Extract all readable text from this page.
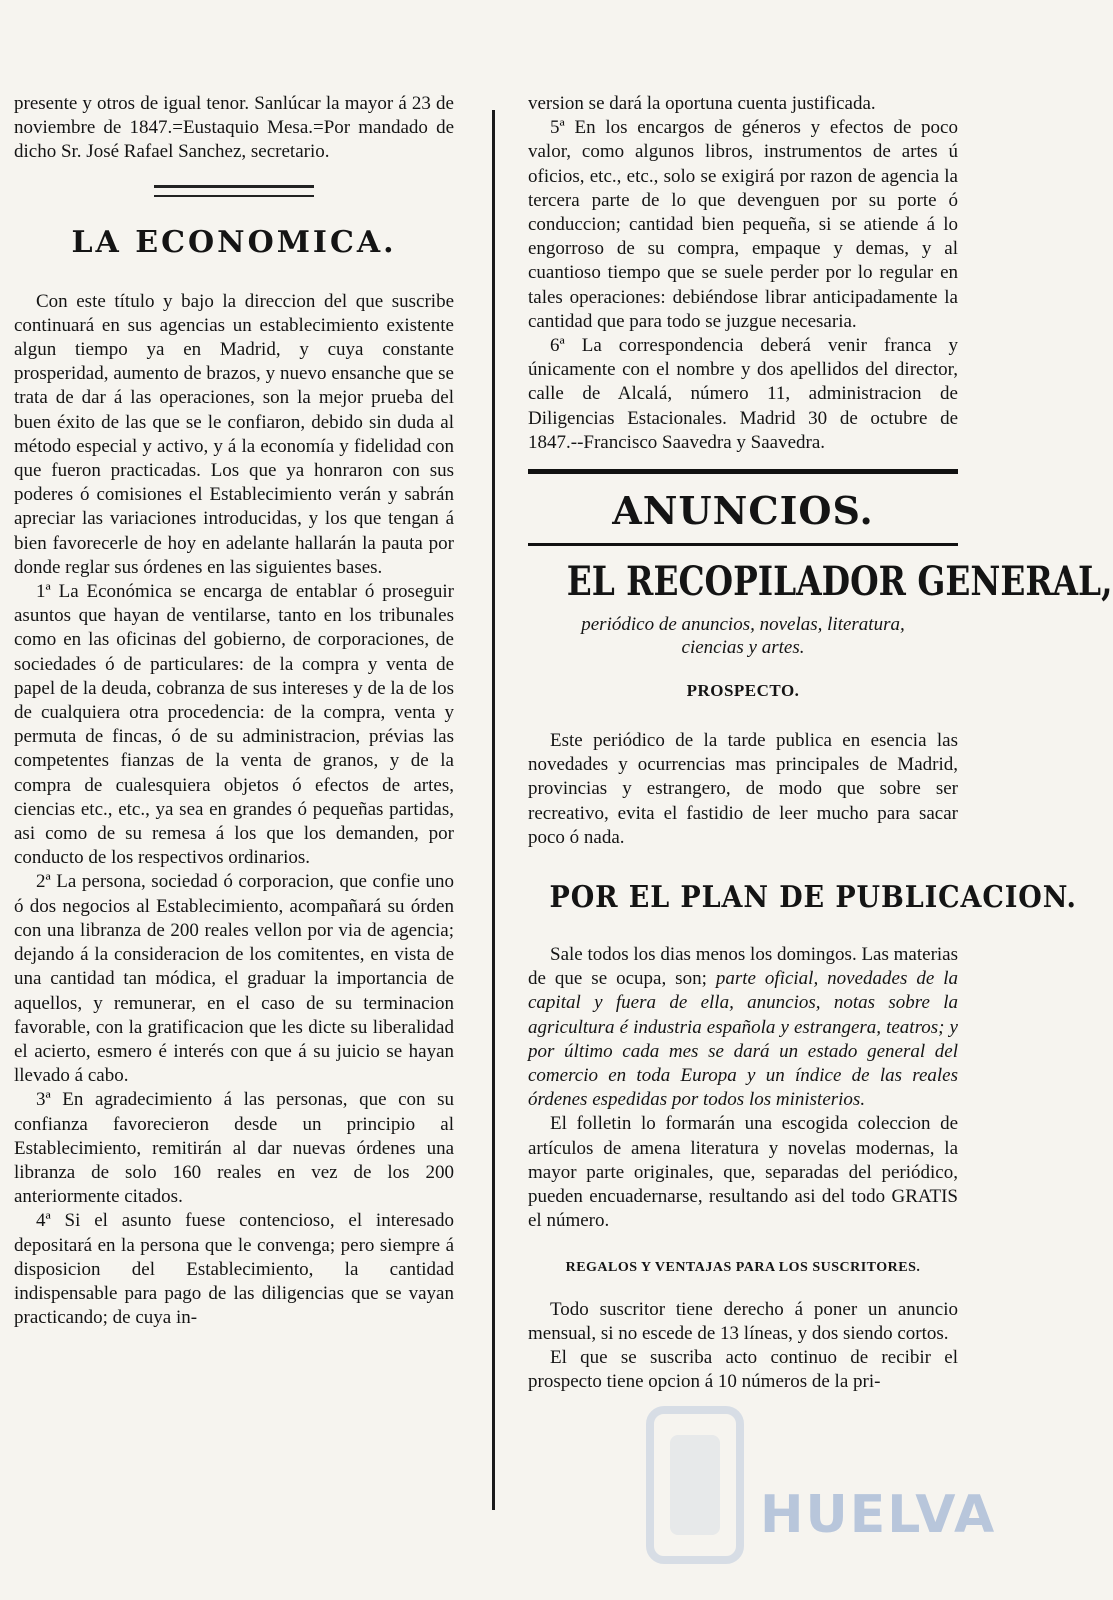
presente y otros de igual tenor. Sanlúcar la mayor á 23 de noviembre de 1847.=Eustaquio Mesa.=Por mandado de dicho Sr. José Rafael Sanchez, secretario.

LA ECONOMICA.

Con este título y bajo la direccion del que suscribe continuará en sus agencias un establecimiento existente algun tiempo ya en Madrid, y cuya constante prosperidad, aumento de brazos, y nuevo ensanche que se trata de dar á las operaciones, son la mejor prueba del buen éxito de las que se le confiaron, debido sin duda al método especial y activo, y á la economía y fidelidad con que fueron practicadas. Los que ya honraron con sus poderes ó comisiones el Establecimiento verán y sabrán apreciar las variaciones introducidas, y los que tengan á bien favorecerle de hoy en adelante hallarán la pauta por donde reglar sus órdenes en las siguientes bases.

1ª La Económica se encarga de entablar ó proseguir asuntos que hayan de ventilarse, tanto en los tribunales como en las oficinas del gobierno, de corporaciones, de sociedades ó de particulares: de la compra y venta de papel de la deuda, cobranza de sus intereses y de la de los de cualquiera otra procedencia: de la compra, venta y permuta de fincas, ó de su administracion, prévias las competentes fianzas de la venta de granos, y de la compra de cualesquiera objetos ó efectos de artes, ciencias etc., etc., ya sea en grandes ó pequeñas partidas, asi como de su remesa á los que los demanden, por conducto de los respectivos ordinarios.

2ª La persona, sociedad ó corporacion, que confie uno ó dos negocios al Establecimiento, acompañará su órden con una libranza de 200 reales vellon por via de agencia; dejando á la consideracion de los comitentes, en vista de una cantidad tan módica, el graduar la importancia de aquellos, y remunerar, en el caso de su terminacion favorable, con la gratificacion que les dicte su liberalidad el acierto, esmero é interés con que á su juicio se hayan llevado á cabo.

3ª En agradecimiento á las personas, que con su confianza favorecieron desde un principio al Establecimiento, remitirán al dar nuevas órdenes una libranza de solo 160 reales en vez de los 200 anteriormente citados.

4ª Si el asunto fuese contencioso, el interesado depositará en la persona que le convenga; pero siempre á disposicion del Establecimiento, la cantidad indispensable para pago de las diligencias que se vayan practicando; de cuya in-

version se dará la oportuna cuenta justificada.

5ª En los encargos de géneros y efectos de poco valor, como algunos libros, instrumentos de artes ú oficios, etc., etc., solo se exigirá por razon de agencia la tercera parte de lo que devenguen por su porte ó conduccion; cantidad bien pequeña, si se atiende á lo engorroso de su compra, empaque y demas, y al cuantioso tiempo que se suele perder por lo regular en tales operaciones: debiéndose librar anticipadamente la cantidad que para todo se juzgue necesaria.

6ª La correspondencia deberá venir franca y únicamente con el nombre y dos apellidos del director, calle de Alcalá, número 11, administracion de Diligencias Estacionales. Madrid 30 de octubre de 1847.--Francisco Saavedra y Saavedra.

ANUNCIOS.
EL RECOPILADOR GENERAL,

periódico de anuncios, novelas, literatura,

ciencias y artes.

PROSPECTO.

Este periódico de la tarde publica en esencia las novedades y ocurrencias mas principales de Madrid, provincias y estrangero, de modo que sobre ser recreativo, evita el fastidio de leer mucho para sacar poco ó nada.

POR EL PLAN DE PUBLICACION.

Sale todos los dias menos los domingos. Las materias de que se ocupa, son; parte oficial, novedades de la capital y fuera de ella, anuncios, notas sobre la agricultura é industria española y estrangera, teatros; y por último cada mes se dará un estado general del comercio en toda Europa y un índice de las reales órdenes espedidas por todos los ministerios.

El folletin lo formarán una escogida coleccion de artículos de amena literatura y novelas modernas, la mayor parte originales, que, separadas del periódico, pueden encuadernarse, resultando asi del todo GRATIS el número.

REGALOS Y VENTAJAS PARA LOS SUSCRITORES.

Todo suscritor tiene derecho á poner un anuncio mensual, si no escede de 13 líneas, y dos siendo cortos.

El que se suscriba acto continuo de recibir el prospecto tiene opcion á 10 números de la pri-

HUELVA
